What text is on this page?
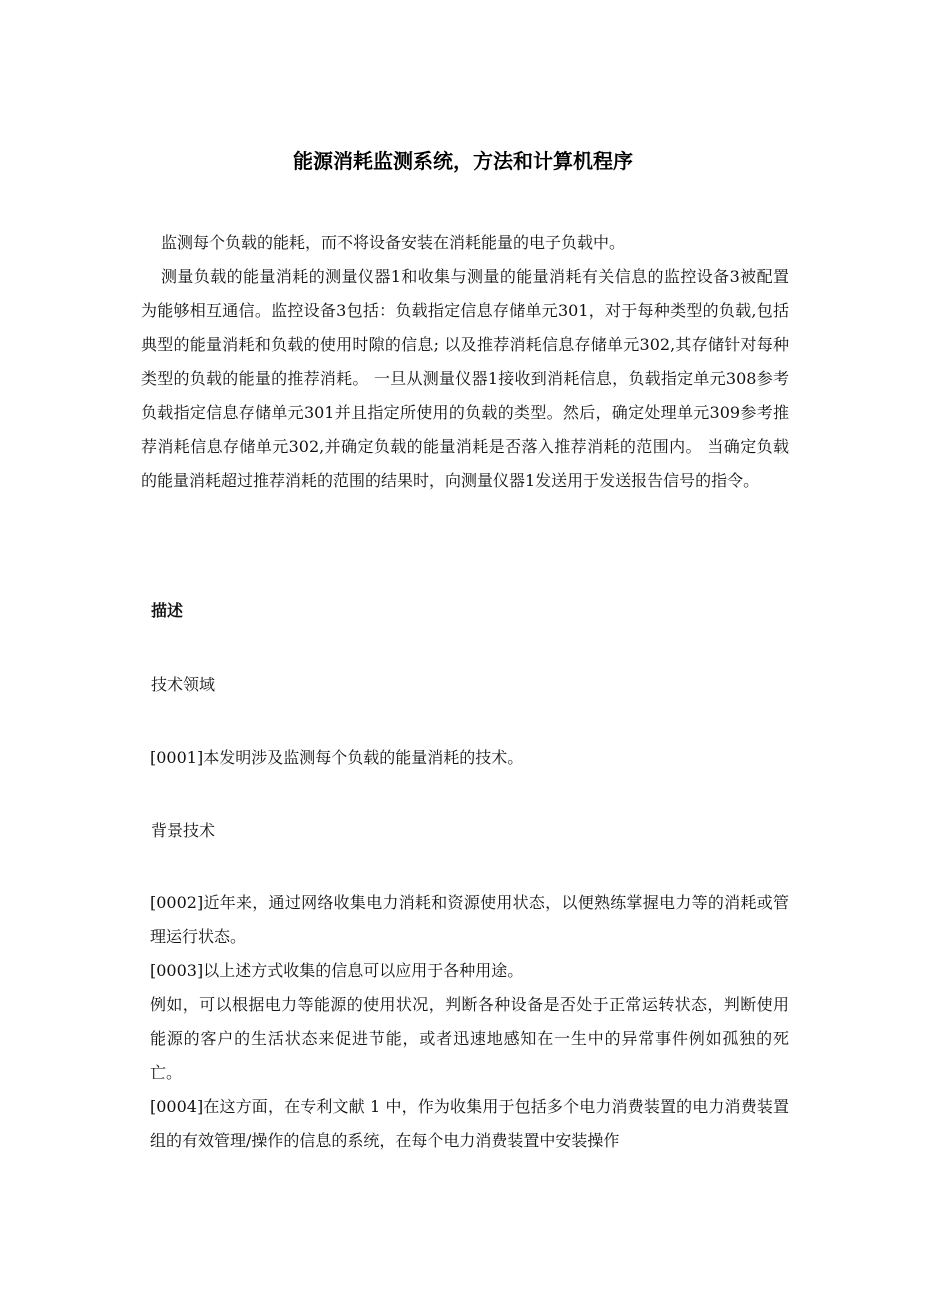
能源消耗监测系统，方法和计算机程序

监测每个负载的能耗，而不将设备安装在消耗能量的电子负载中。

测量负载的能量消耗的测量仪器1和收集与测量的能量消耗有关信息的监控设备3被配置为能够相互通信。监控设备3包括：负载指定信息存储单元301，对于每种类型的负载,包括典型的能量消耗和负载的使用时隙的信息; 以及推荐消耗信息存储单元302,其存储针对每种类型的负载的能量的推荐消耗。 一旦从测量仪器1接收到消耗信息，负载指定单元308参考负载指定信息存储单元301并且指定所使用的负载的类型。然后，确定处理单元309参考推荐消耗信息存储单元302,并确定负载的能量消耗是否落入推荐消耗的范围内。 当确定负载的能量消耗超过推荐消耗的范围的结果时，向测量仪器1发送用于发送报告信号的指令。

描述
技术领域

[0001]本发明涉及监测每个负载的能量消耗的技术。

背景技术

[0002]近年来，通过网络收集电力消耗和资源使用状态，以便熟练掌握电力等的消耗或管理运行状态。

[0003]以上述方式收集的信息可以应用于各种用途。

例如，可以根据电力等能源的使用状况，判断各种设备是否处于正常运转状态，判断使用能源的客户的生活状态来促进节能，或者迅速地感知在一生中的异常事件例如孤独的死亡。

[0004]在这方面，在专利文献 1 中，作为收集用于包括多个电力消费装置的电力消费装置组的有效管理/操作的信息的系统，在每个电力消费装置中安装操作
